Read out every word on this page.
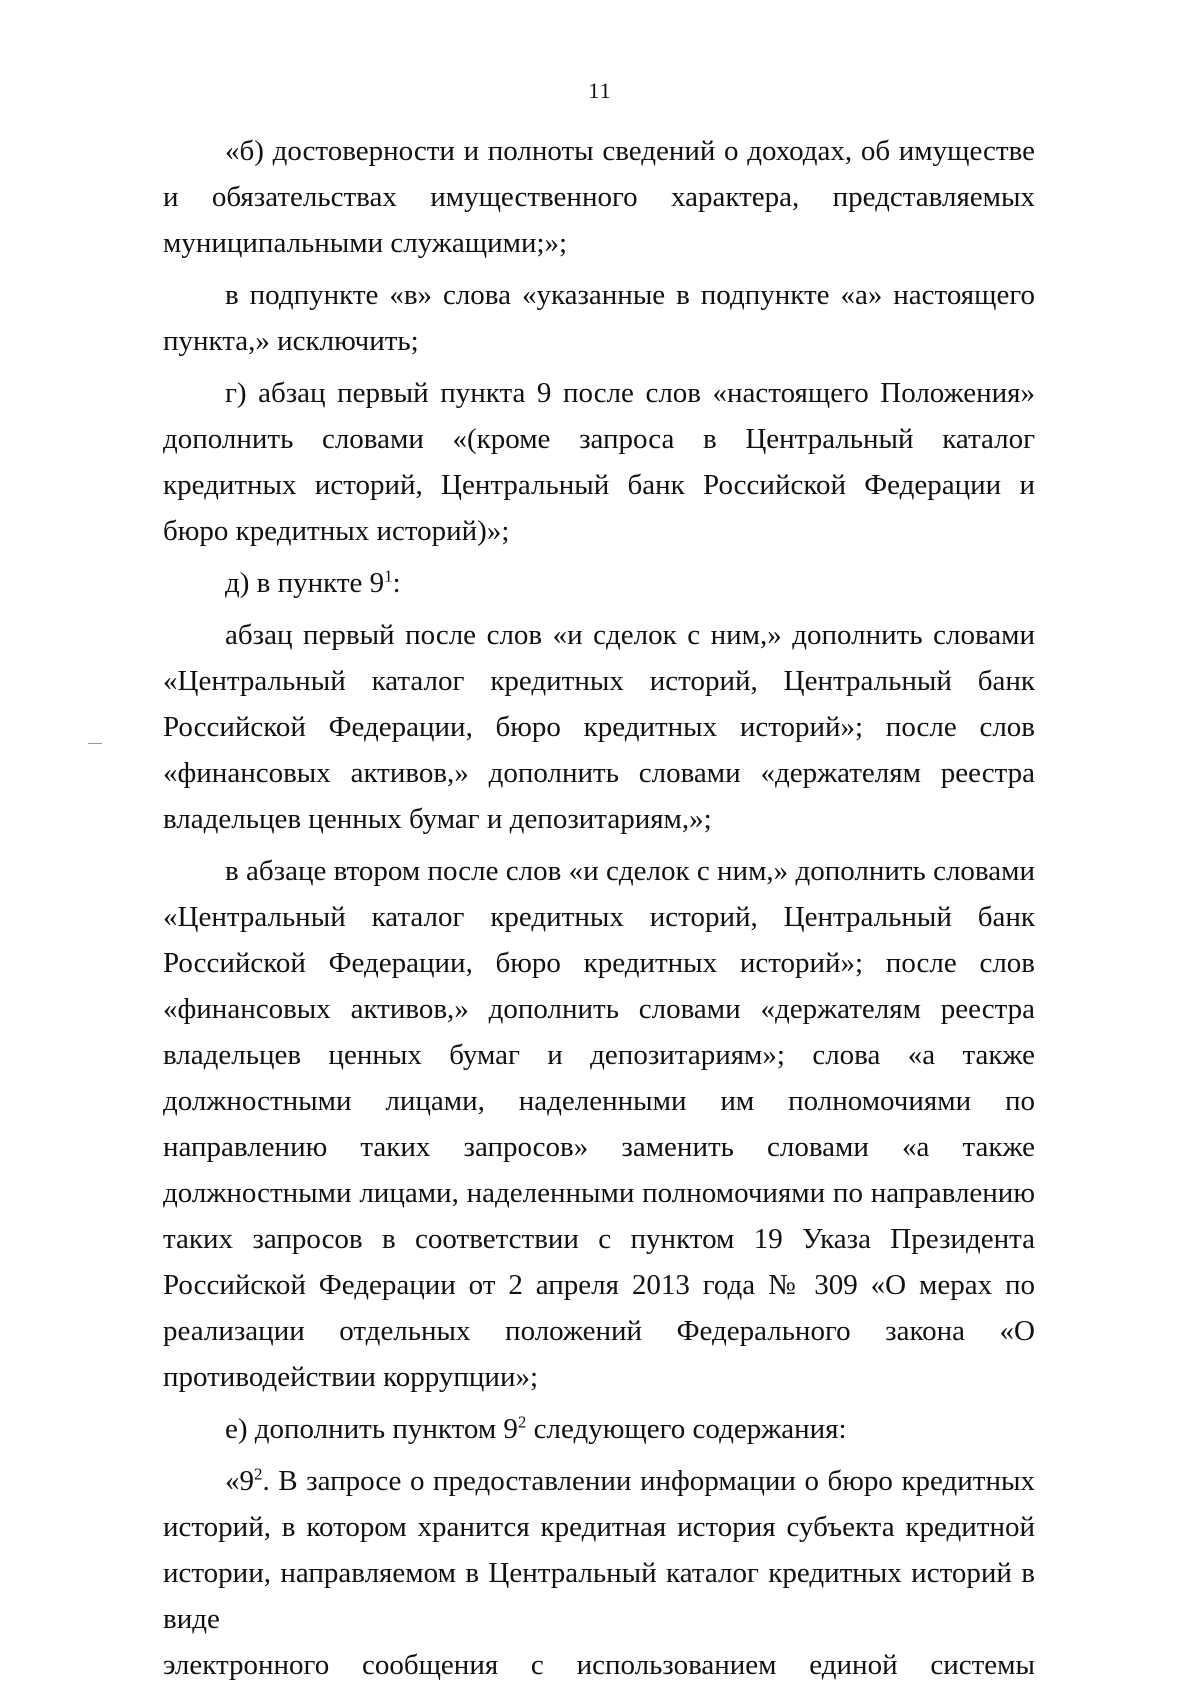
11

«б) достоверности и полноты сведений о доходах, об имуществе
и обязательствах имущественного характера, представляемых
муниципальными служащими;»;

в подпункте «в» слова «указанные в подпункте «а» настоящего пункта,» исключить;

г) абзац первый пункта 9 после слов «настоящего Положения» дополнить словами «(кроме запроса в Центральный каталог кредитных историй, Центральный банк Российской Федерации и бюро кредитных историй)»;

д) в пункте $9^1$:

абзац первый после слов «и сделок с ним,» дополнить словами «Центральный каталог кредитных историй, Центральный банк Российской Федерации, бюро кредитных историй»; после слов «финансовых активов,» дополнить словами «держателям реестра владельцев ценных бумаг и депозитариям,»;

в абзаце втором после слов «и сделок с ним,» дополнить словами «Центральный каталог кредитных историй, Центральный банк Российской Федерации, бюро кредитных историй»; после слов «финансовых активов,» дополнить словами «держателям реестра владельцев ценных бумаг и депозитариям»; слова «а также должностными лицами, наделенными им полномочиями по направлению таких запросов» заменить словами «а также должностными лицами, наделенными полномочиями по направлению таких запросов в соответствии с пунктом 19 Указа Президента Российской Федерации от 2 апреля 2013 года № 309 «О мерах по реализации отдельных положений Федерального закона «О противодействии коррупции»;

е) дополнить пунктом $9^2$ следующего содержания:

«$9^2$. В запросе о предоставлении информации о бюро кредитных историй, в котором хранится кредитная история субъекта кредитной истории, направляемом в Центральный каталог кредитных историй в виде
электронного сообщения с использованием единой системы
